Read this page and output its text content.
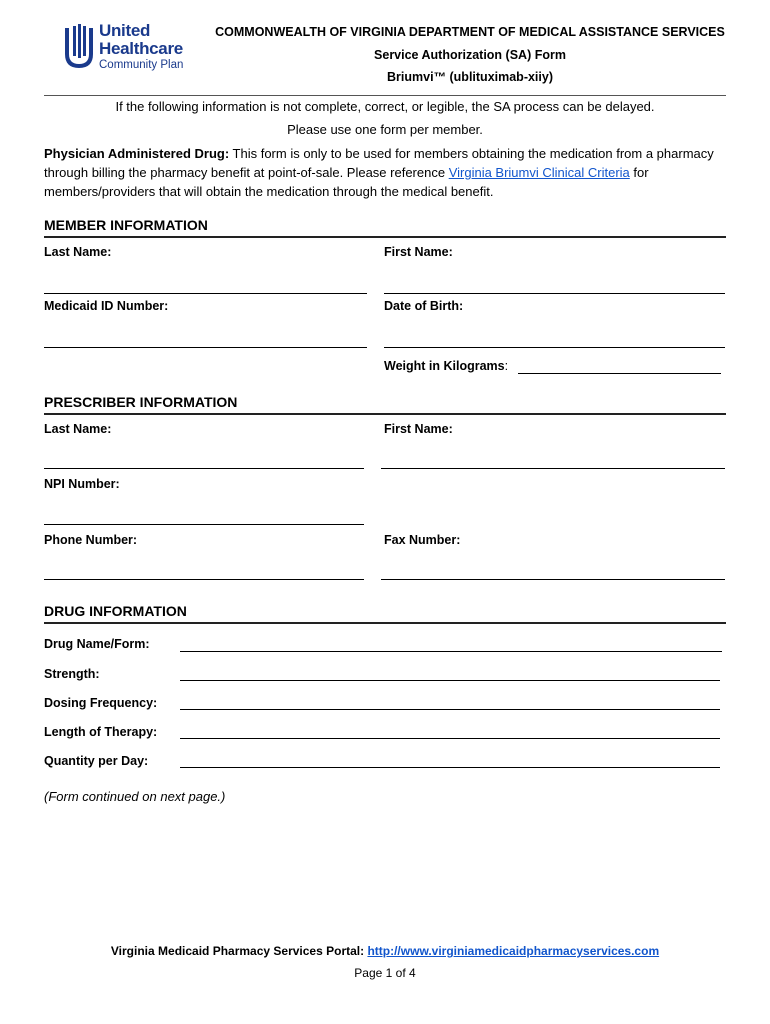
United
Healthcare
Community Plan
COMMONWEALTH OF VIRGINIA DEPARTMENT OF MEDICAL ASSISTANCE SERVICES
Service Authorization (SA) Form
Briumvi™ (ublituximab-xiiy)
If the following information is not complete, correct, or legible, the SA process can be delayed.
Please use one form per member.
Physician Administered Drug: This form is only to be used for members obtaining the medication from a pharmacy through billing the pharmacy benefit at point-of-sale. Please reference Virginia Briumvi Clinical Criteria for members/providers that will obtain the medication through the medical benefit.
MEMBER INFORMATION
Last Name:	First Name:
Medicaid ID Number:	Date of Birth:
Weight in Kilograms:
PRESCRIBER INFORMATION
Last Name:	First Name:
NPI Number:
Phone Number:	Fax Number:
DRUG INFORMATION
Drug Name/Form:
Strength:
Dosing Frequency:
Length of Therapy:
Quantity per Day:
(Form continued on next page.)
Virginia Medicaid Pharmacy Services Portal: http://www.virginiamedicaidpharmacyservices.com
Page 1 of 4
